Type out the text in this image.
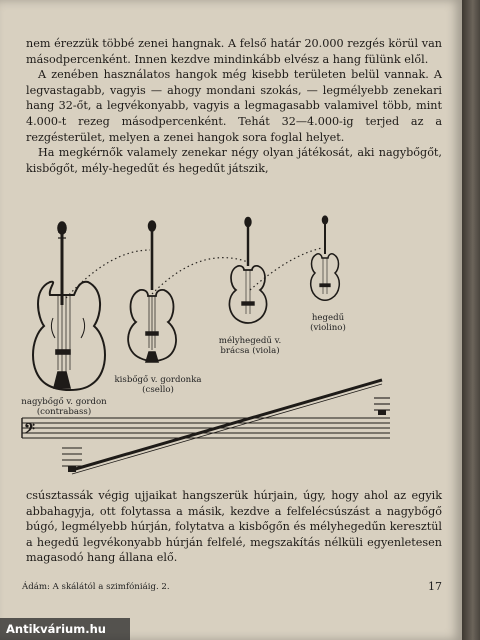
nem érezzük többé zenei hangnak. A felső határ 20.000 rezgés körül van másodpercenként. Innen kezdve mindinkább elvész a hang fülünk elől.

A zenében használatos hangok még kisebb területen belül vannak. A legvastagabb, vagyis — ahogy mondani szokás, — legmélyebb zenekari hang 32-őt, a legvékonyabb, vagyis a legmagasabb valamivel több, mint 4.000-t rezeg másodpercenként. Tehát 32—4.000-ig terjed az a rezgésterület, melyen a zenei hangok sora foglal helyet.

Ha megkérnők valamely zenekar négy olyan játékosát, aki nagybőgőt, kisbőgőt, mély-hegedűt és hegedűt játszik,

𝄢
nagybőgő v. gordon
(contrabass)
kisbőgő v. gordonka
(csello)
mélyhegedű v.
brácsa (viola)
hegedű
(violino)

csúsztassák végig ujjaikat hangszerük húrjain, úgy, hogy ahol az egyik abbahagyja, ott folytassa a másik, kezdve a felfelécsúszást a nagybőgő búgó, legmélyebb húrján, folytatva a kisbőgőn és mélyhegedűn keresztül a hegedű legvékonyabb húrján felfelé, megszakítás nélküli egyenletesen magasodó hang állana elő.

Ádám: A skálától a szimfóniáig. 2.	17
Antikvárium.hu
